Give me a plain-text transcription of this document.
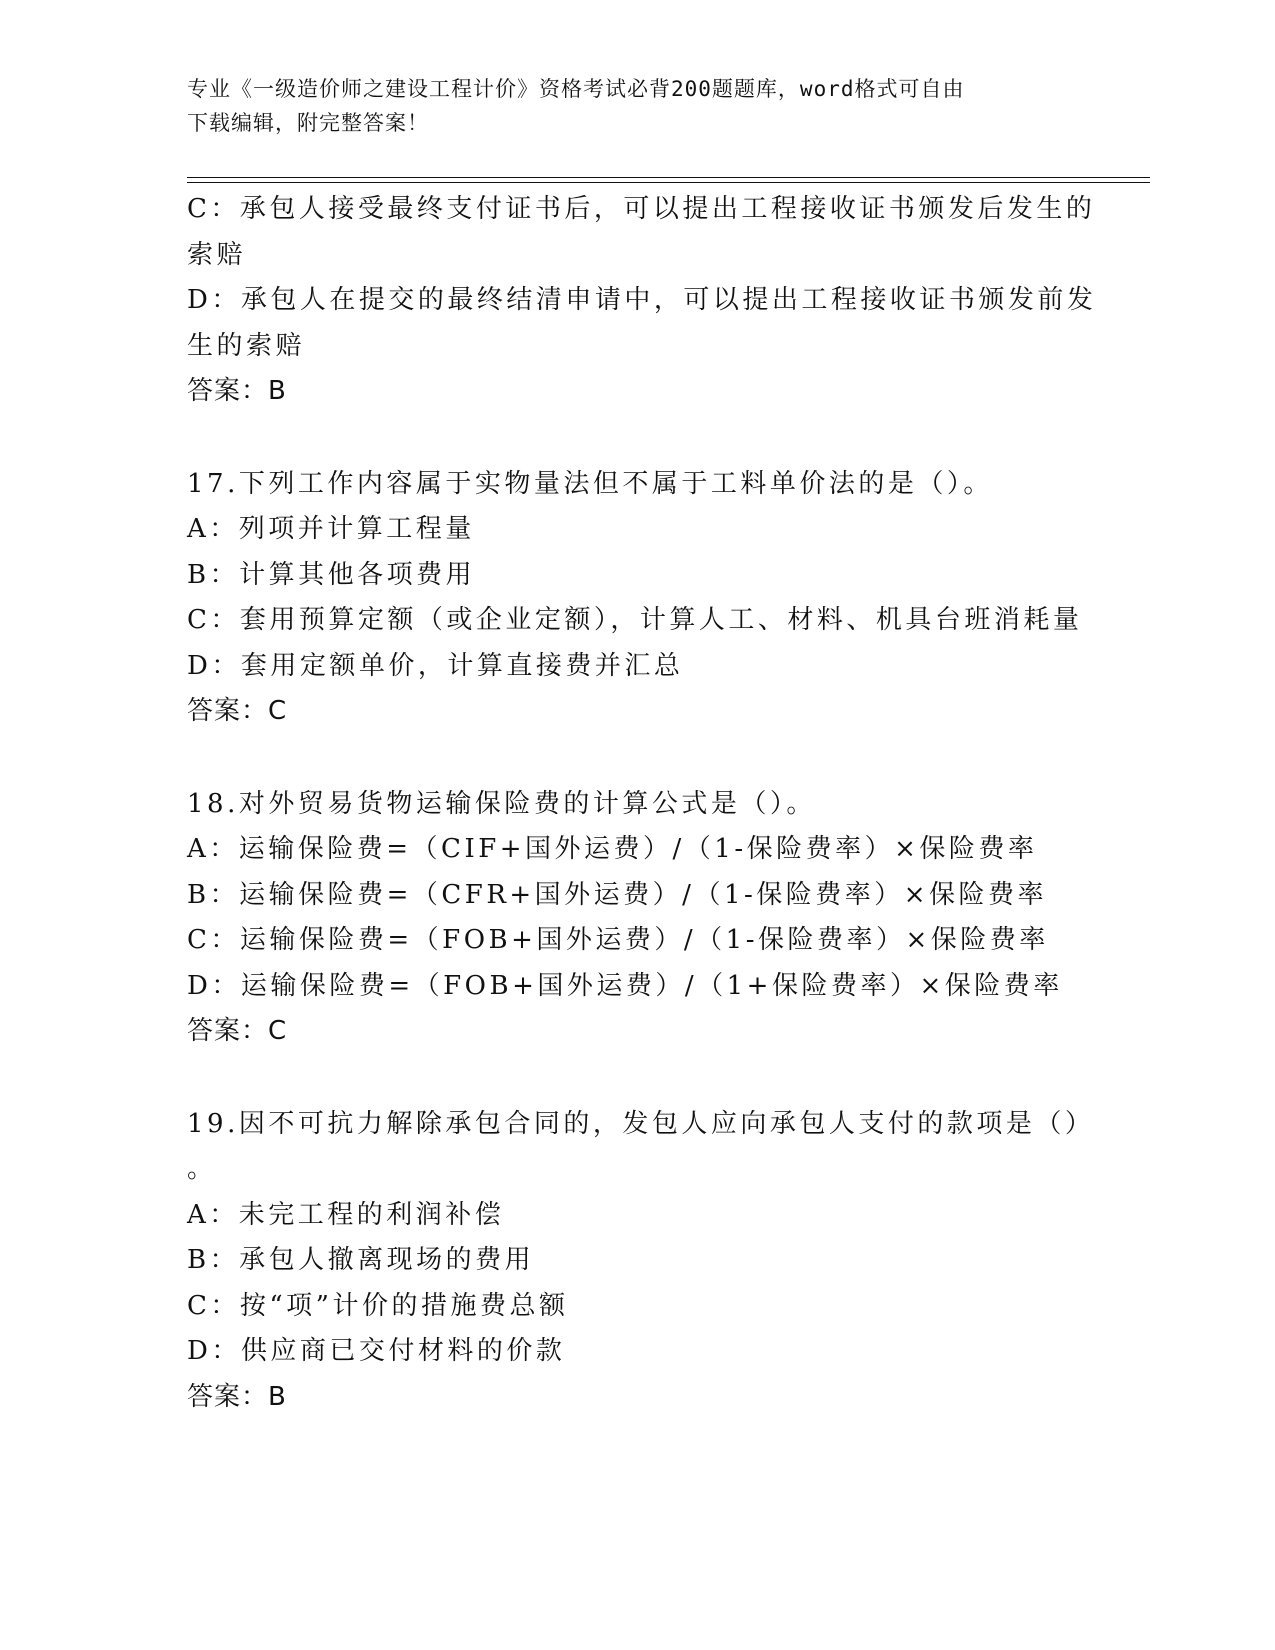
专业《一级造价师之建设工程计价》资格考试必背200题题库，word格式可自由
下载编辑，附完整答案！
C：承包人接受最终支付证书后，可以提出工程接收证书颁发后发生的
索赔
D：承包人在提交的最终结清申请中，可以提出工程接收证书颁发前发
生的索赔
答案：B
17.下列工作内容属于实物量法但不属于工料单价法的是（）。
A：列项并计算工程量
B：计算其他各项费用
C：套用预算定额（或企业定额），计算人工、材料、机具台班消耗量
D：套用定额单价，计算直接费并汇总
答案：C
18.对外贸易货物运输保险费的计算公式是（）。
A：运输保险费=（CIF+国外运费）/（1-保险费率）×保险费率
B：运输保险费=（CFR+国外运费）/（1-保险费率）×保险费率
C：运输保险费=（FOB+国外运费）/（1-保险费率）×保险费率
D：运输保险费=（FOB+国外运费）/（1+保险费率）×保险费率
答案：C
19.因不可抗力解除承包合同的，发包人应向承包人支付的款项是（）
。
A：未完工程的利润补偿
B：承包人撤离现场的费用
C：按“项”计价的措施费总额
D：供应商已交付材料的价款
答案：B
